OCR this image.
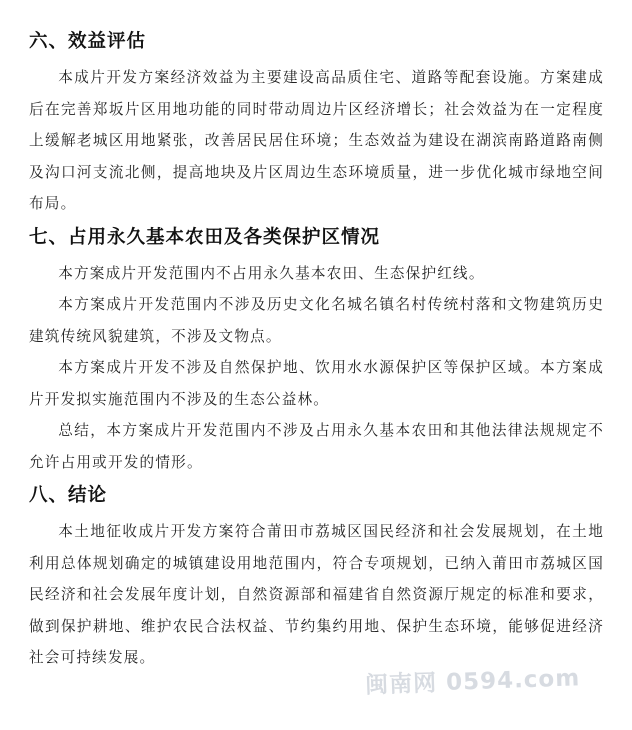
六、效益评估

本成片开发方案经济效益为主要建设高品质住宅、道路等配套设施。方案建成后在完善郑坂片区用地功能的同时带动周边片区经济增长；社会效益为在一定程度上缓解老城区用地紧张，改善居民居住环境；生态效益为建设在湖滨南路道路南侧及沟口河支流北侧，提高地块及片区周边生态环境质量，进一步优化城市绿地空间布局。

七、占用永久基本农田及各类保护区情况

本方案成片开发范围内不占用永久基本农田、生态保护红线。

本方案成片开发范围内不涉及历史文化名城名镇名村传统村落和文物建筑历史建筑传统风貌建筑，不涉及文物点。

本方案成片开发不涉及自然保护地、饮用水水源保护区等保护区域。本方案成片开发拟实施范围内不涉及的生态公益林。

总结，本方案成片开发范围内不涉及占用永久基本农田和其他法律法规规定不允许占用或开发的情形。

八、结论

本土地征收成片开发方案符合莆田市荔城区国民经济和社会发展规划，在土地利用总体规划确定的城镇建设用地范围内，符合专项规划，已纳入莆田市荔城区国民经济和社会发展年度计划，自然资源部和福建省自然资源厅规定的标准和要求，做到保护耕地、维护农民合法权益、节约集约用地、保护生态环境，能够促进经济社会可持续发展。

闽南网 0594.com
